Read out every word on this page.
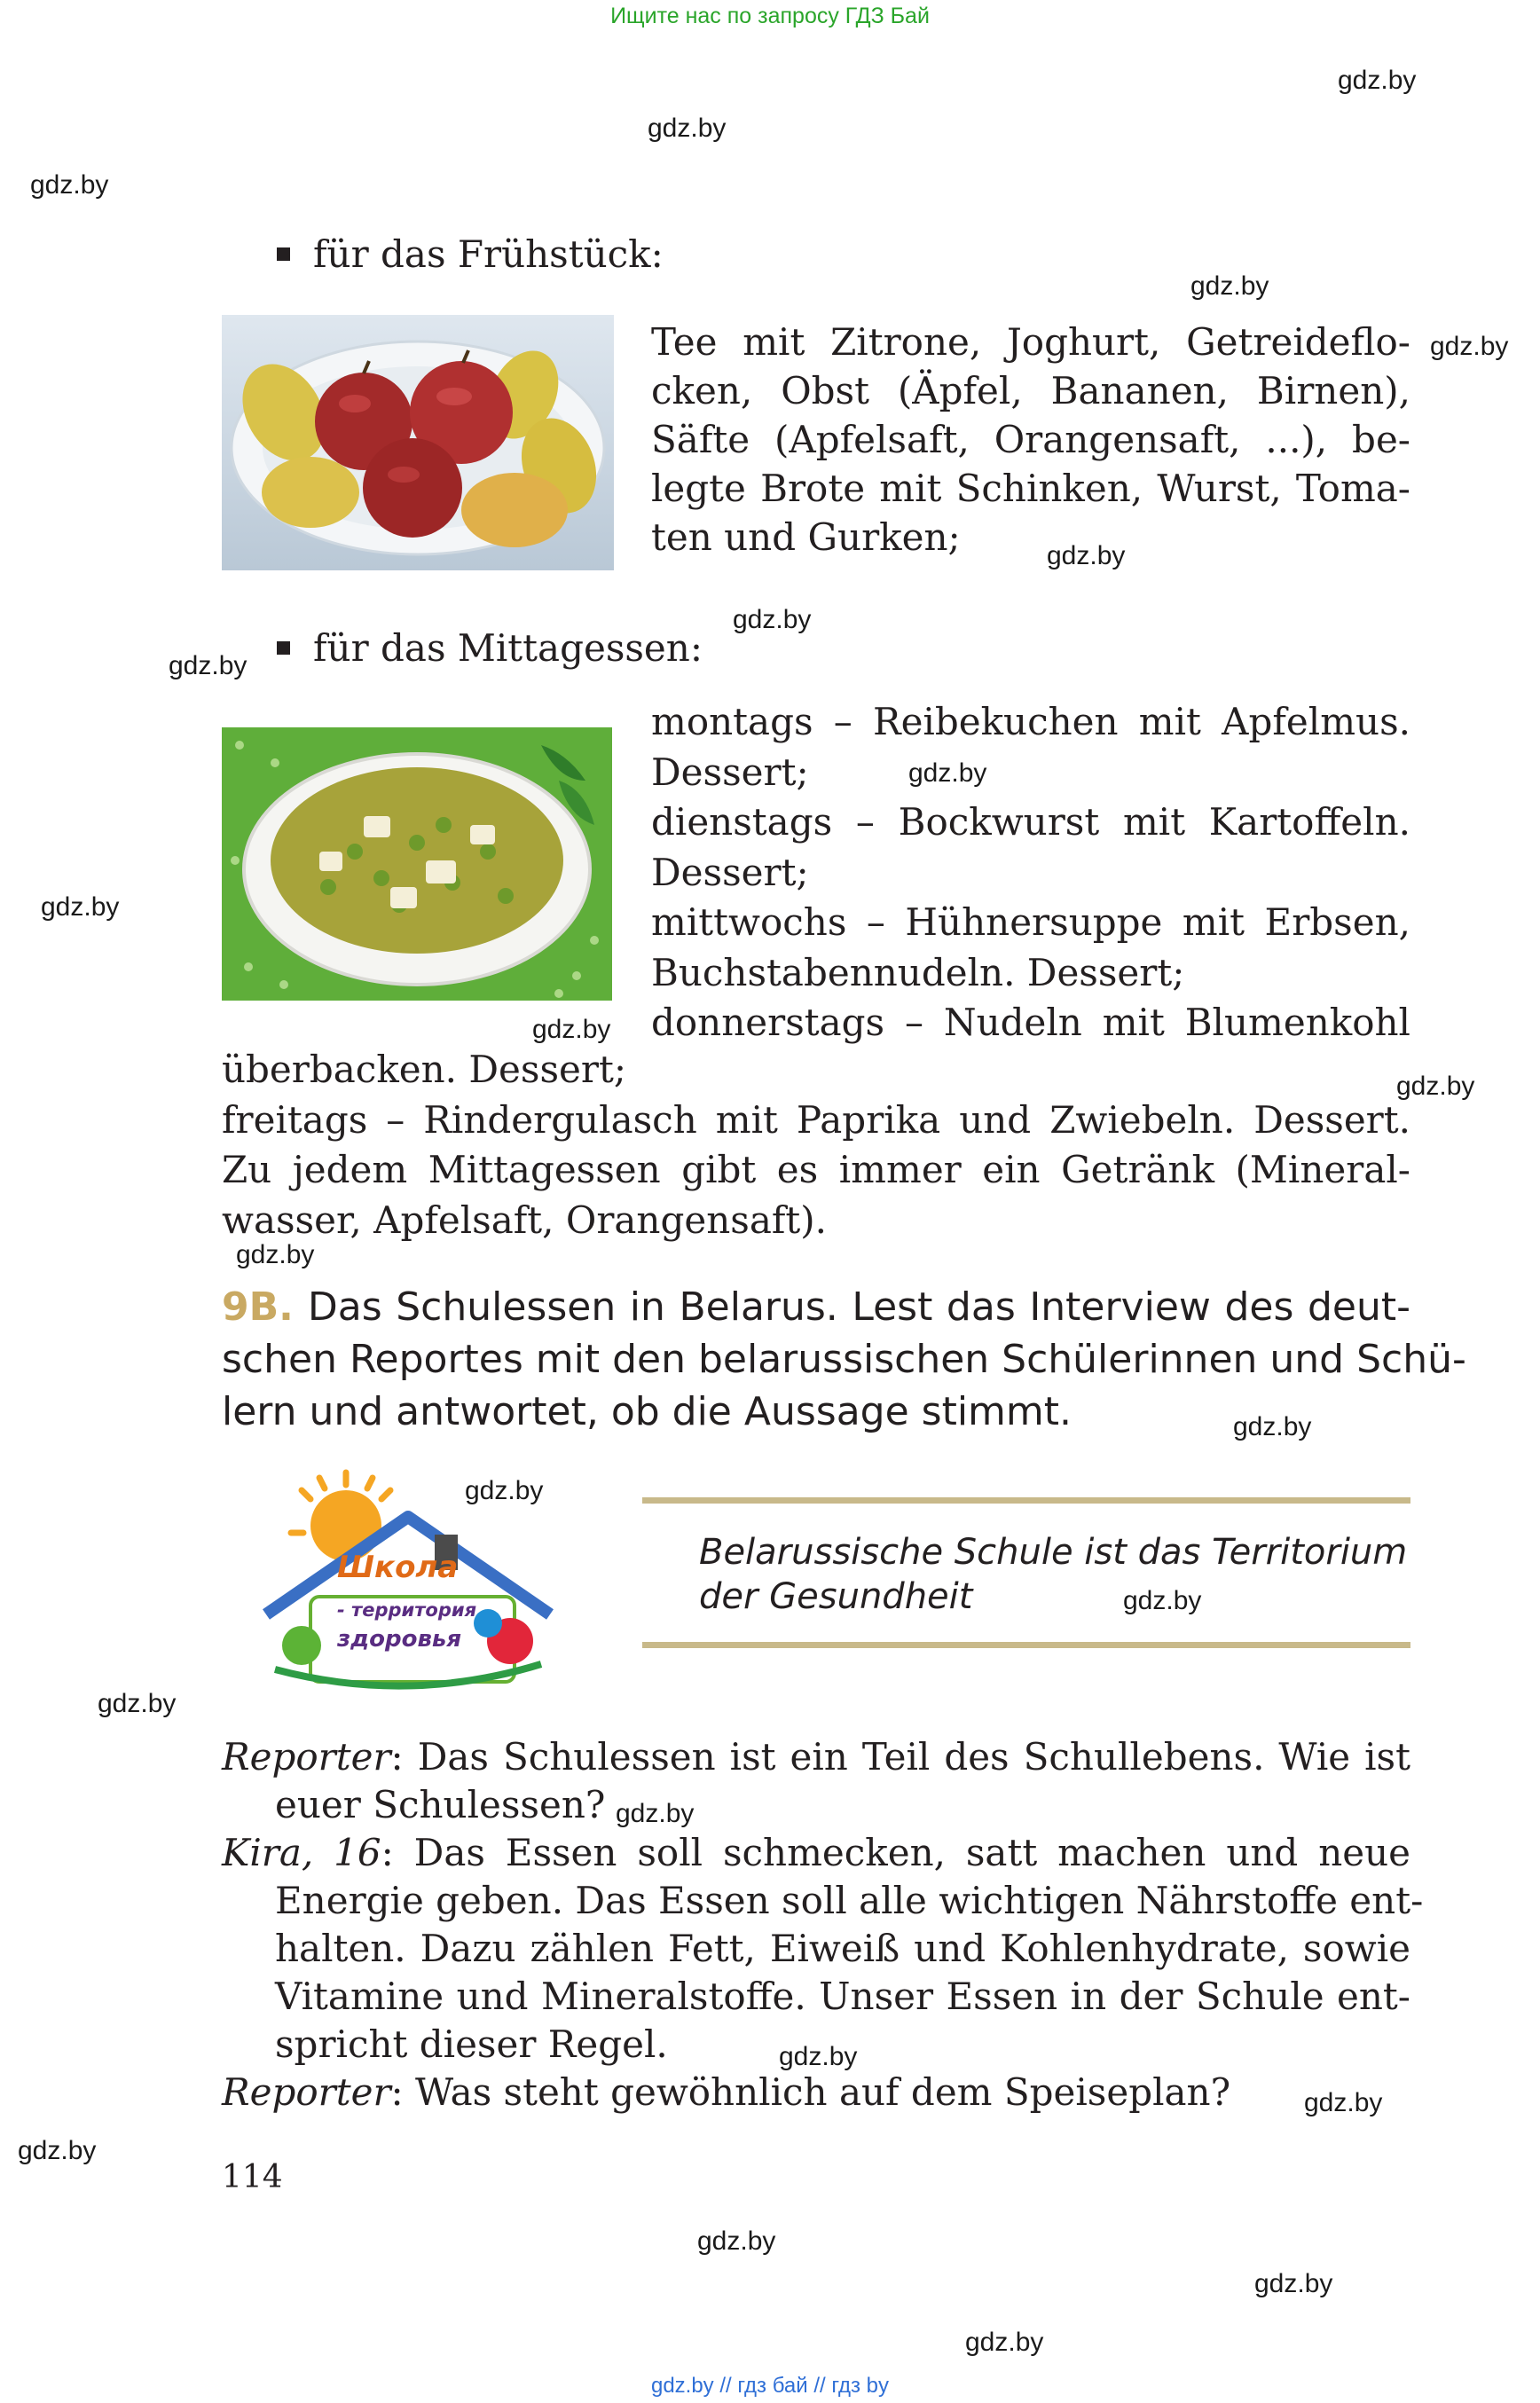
Ищите нас по запросу ГДЗ Бай
gdz.by
gdz.by
gdz.by
gdz.by
gdz.by
gdz.by
gdz.by
gdz.by
gdz.by
gdz.by
gdz.by
gdz.by
gdz.by
gdz.by
gdz.by
gdz.by
gdz.by
gdz.by
gdz.by
gdz.by
gdz.by
gdz.by
gdz.by
gdz.by
für das Frühstück:
Tee mit Zitrone, Joghurt, Getreideflo-
cken, Obst (Äpfel, Bananen, Birnen),
Säfte (Apfelsaft, Orangensaft, ...), be-
legte Brote mit Schinken, Wurst, Toma-
ten und Gurken;
für das Mittagessen:
montags – Reibekuchen mit Apfelmus.
Dessert;
dienstags – Bockwurst mit Kartoffeln.
Dessert;
mittwochs – Hühnersuppe mit Erbsen,
Buchstabennudeln. Dessert;
donnerstags – Nudeln mit Blumenkohl
überbacken. Dessert;
freitags – Rindergulasch mit Paprika und Zwiebeln. Dessert.
Zu jedem Mittagessen gibt es immer ein Getränk (Mineral-
wasser, Apfelsaft, Orangensaft).
9B. Das Schulessen in Belarus. Lest das Interview des deut-
schen Reportes mit den belarussischen Schülerinnen und Schü-
lern und antwortet, ob die Aussage stimmt.
Школа
- территория
здоровья
Belarussische Schule ist das Territorium
der Gesundheit
Reporter: Das Schulessen ist ein Teil des Schullebens. Wie ist
euer Schulessen?
Kira, 16: Das Essen soll schmecken, satt machen und neue
Energie geben. Das Essen soll alle wichtigen Nährstoffe ent-
halten. Dazu zählen Fett, Eiweiß und Kohlenhydrate, sowie
Vitamine und Mineralstoffe. Unser Essen in der Schule ent-
spricht dieser Regel.
Reporter: Was steht gewöhnlich auf dem Speiseplan?
114
gdz.by // гдз бай // гдз by
